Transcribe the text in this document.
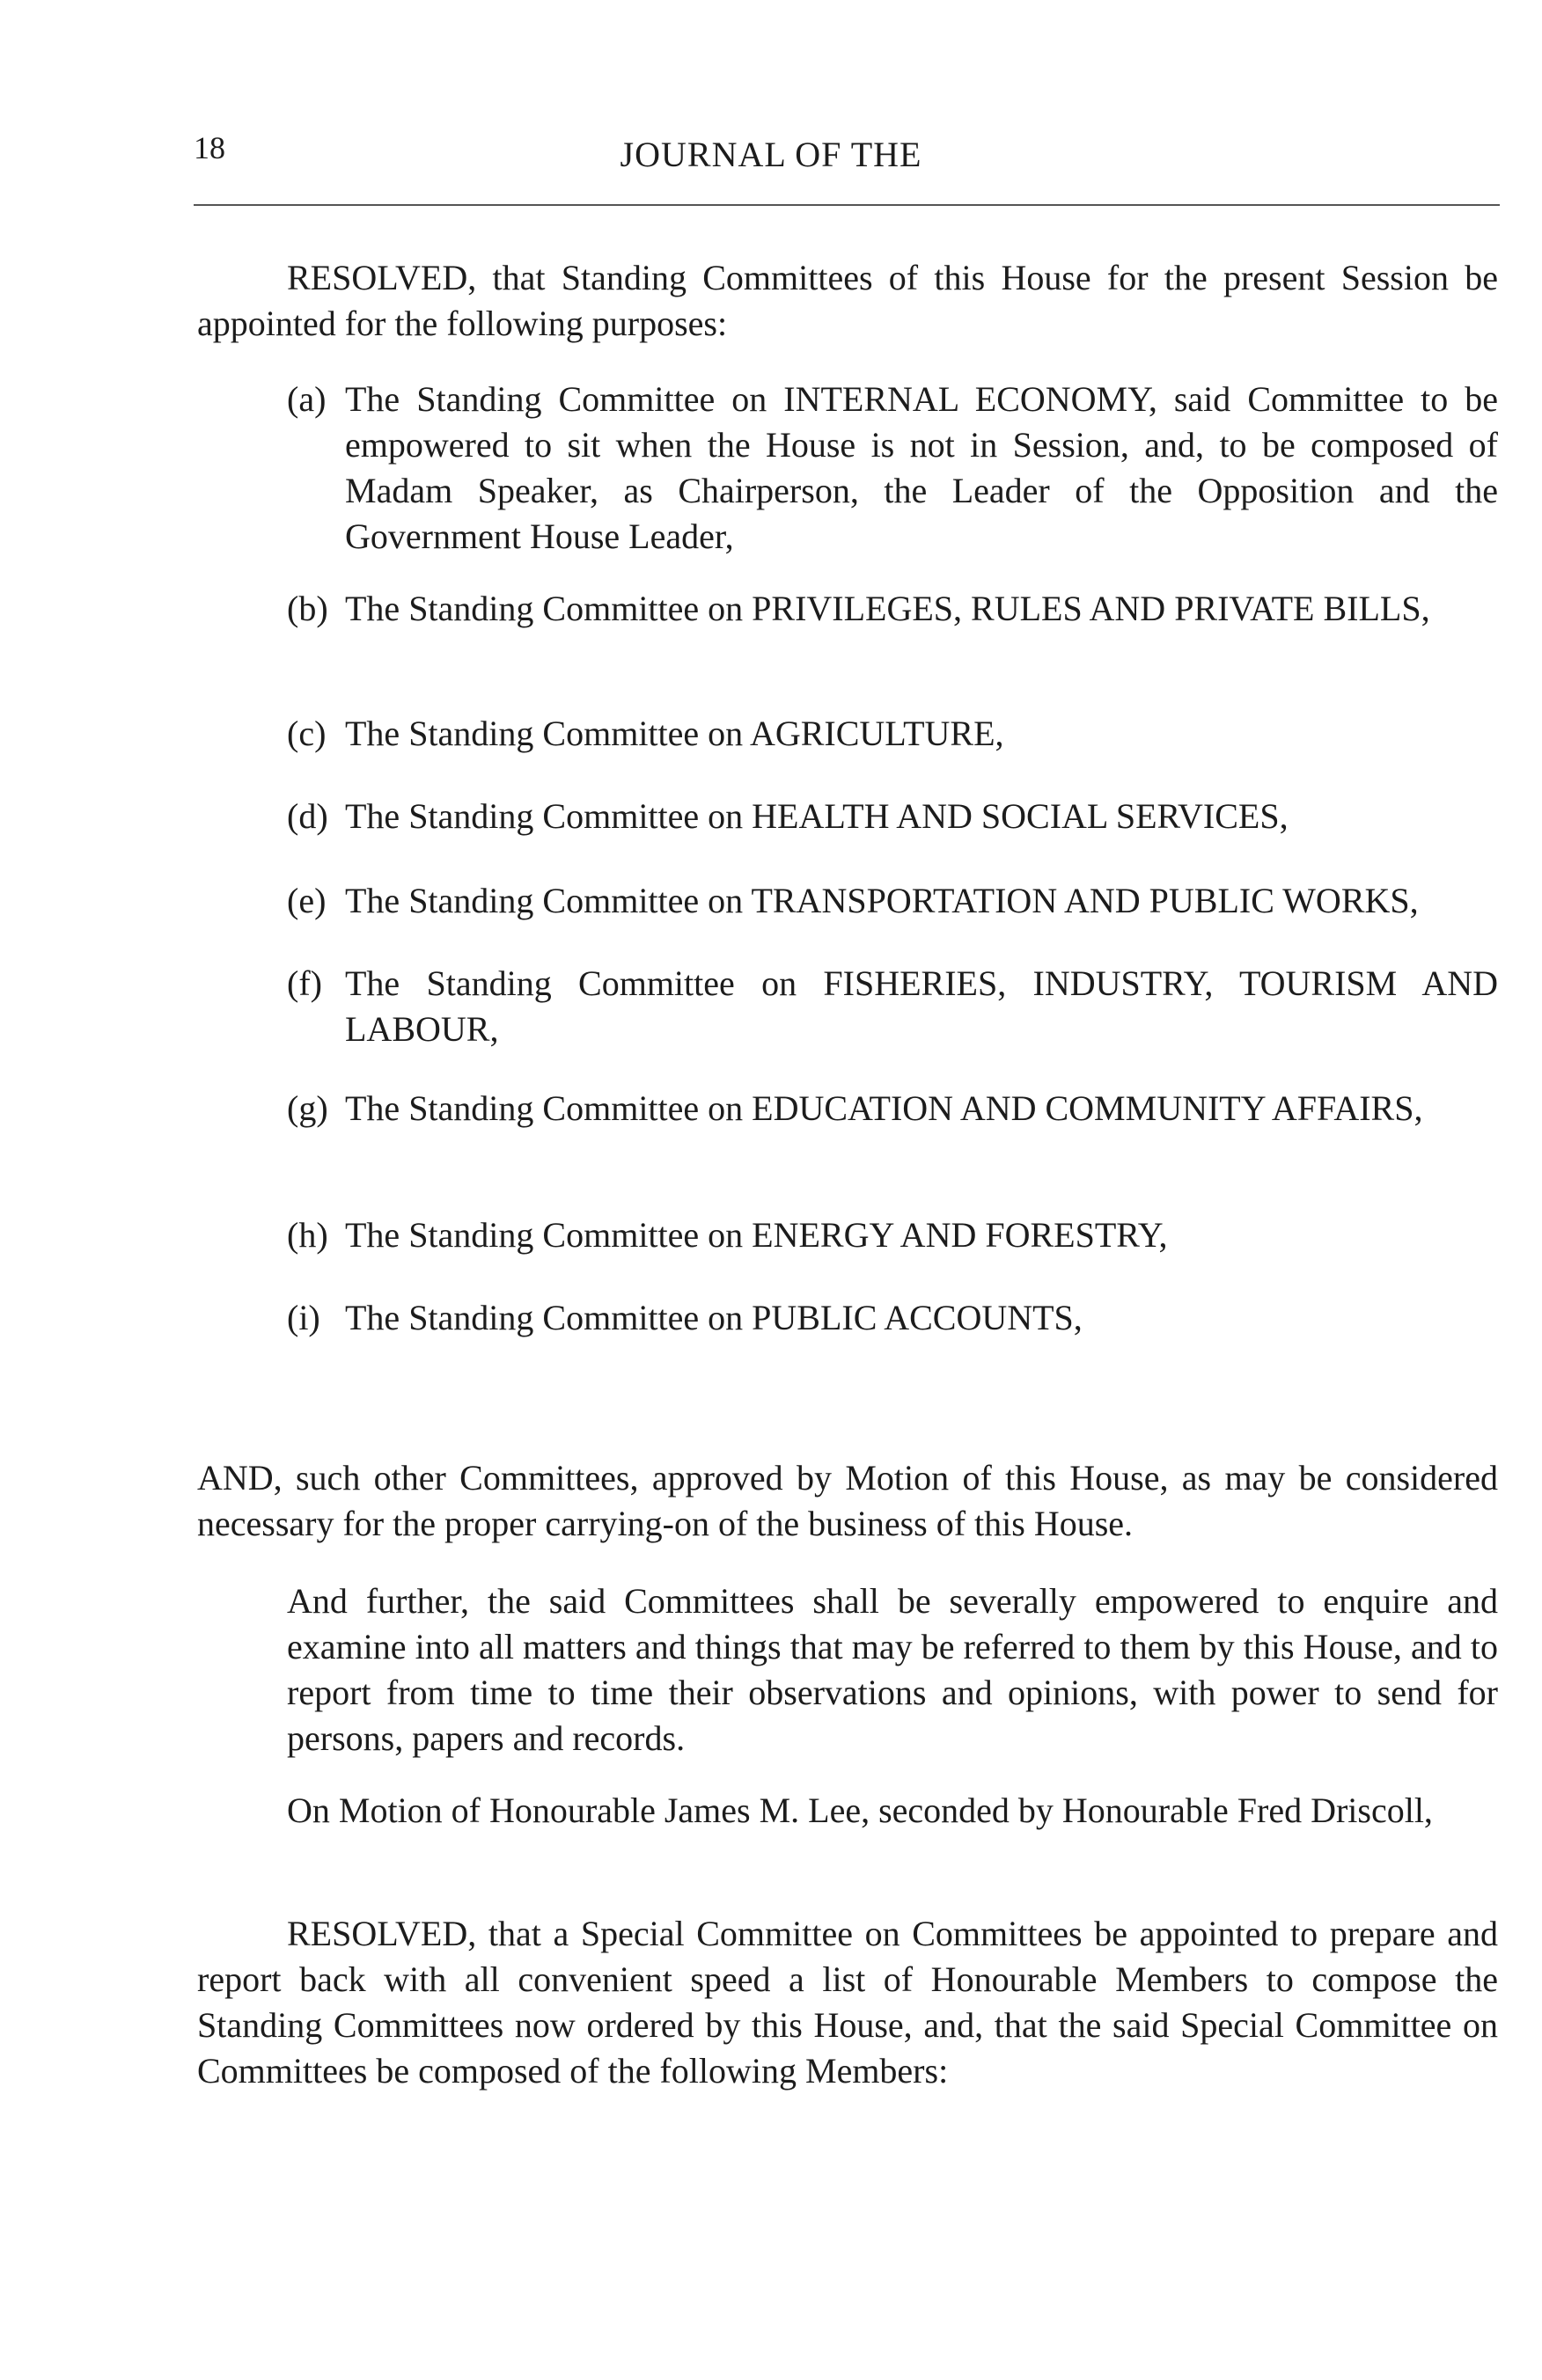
18	JOURNAL OF THE

RESOLVED, that Standing Committees of this House for the present Session be appointed for the following purposes:

(a) The Standing Committee on INTERNAL ECONOMY, said Committee to be empowered to sit when the House is not in Session, and, to be composed of Madam Speaker, as Chairperson, the Leader of the Opposition and the Government House Leader,

(b) The Standing Committee on PRIVILEGES, RULES AND PRIVATE BILLS,

(c) The Standing Committee on AGRICULTURE,

(d) The Standing Committee on HEALTH AND SOCIAL SERVICES,

(e) The Standing Committee on TRANSPORTATION AND PUBLIC WORKS,

(f) The Standing Committee on FISHERIES, INDUSTRY, TOURISM AND LABOUR,

(g) The Standing Committee on EDUCATION AND COMMUNITY AFFAIRS,

(h) The Standing Committee on ENERGY AND FORESTRY,

(i) The Standing Committee on PUBLIC ACCOUNTS,

AND, such other Committees, approved by Motion of this House, as may be considered necessary for the proper carrying-on of the business of this House.

And further, the said Committees shall be severally empowered to enquire and examine into all matters and things that may be referred to them by this House, and to report from time to time their observations and opinions, with power to send for persons, papers and records.

On Motion of Honourable James M. Lee, seconded by Honourable Fred Driscoll,

RESOLVED, that a Special Committee on Committees be appointed to prepare and report back with all convenient speed a list of Honourable Members to compose the Standing Committees now ordered by this House, and, that the said Special Committee on Committees be composed of the following Members:
